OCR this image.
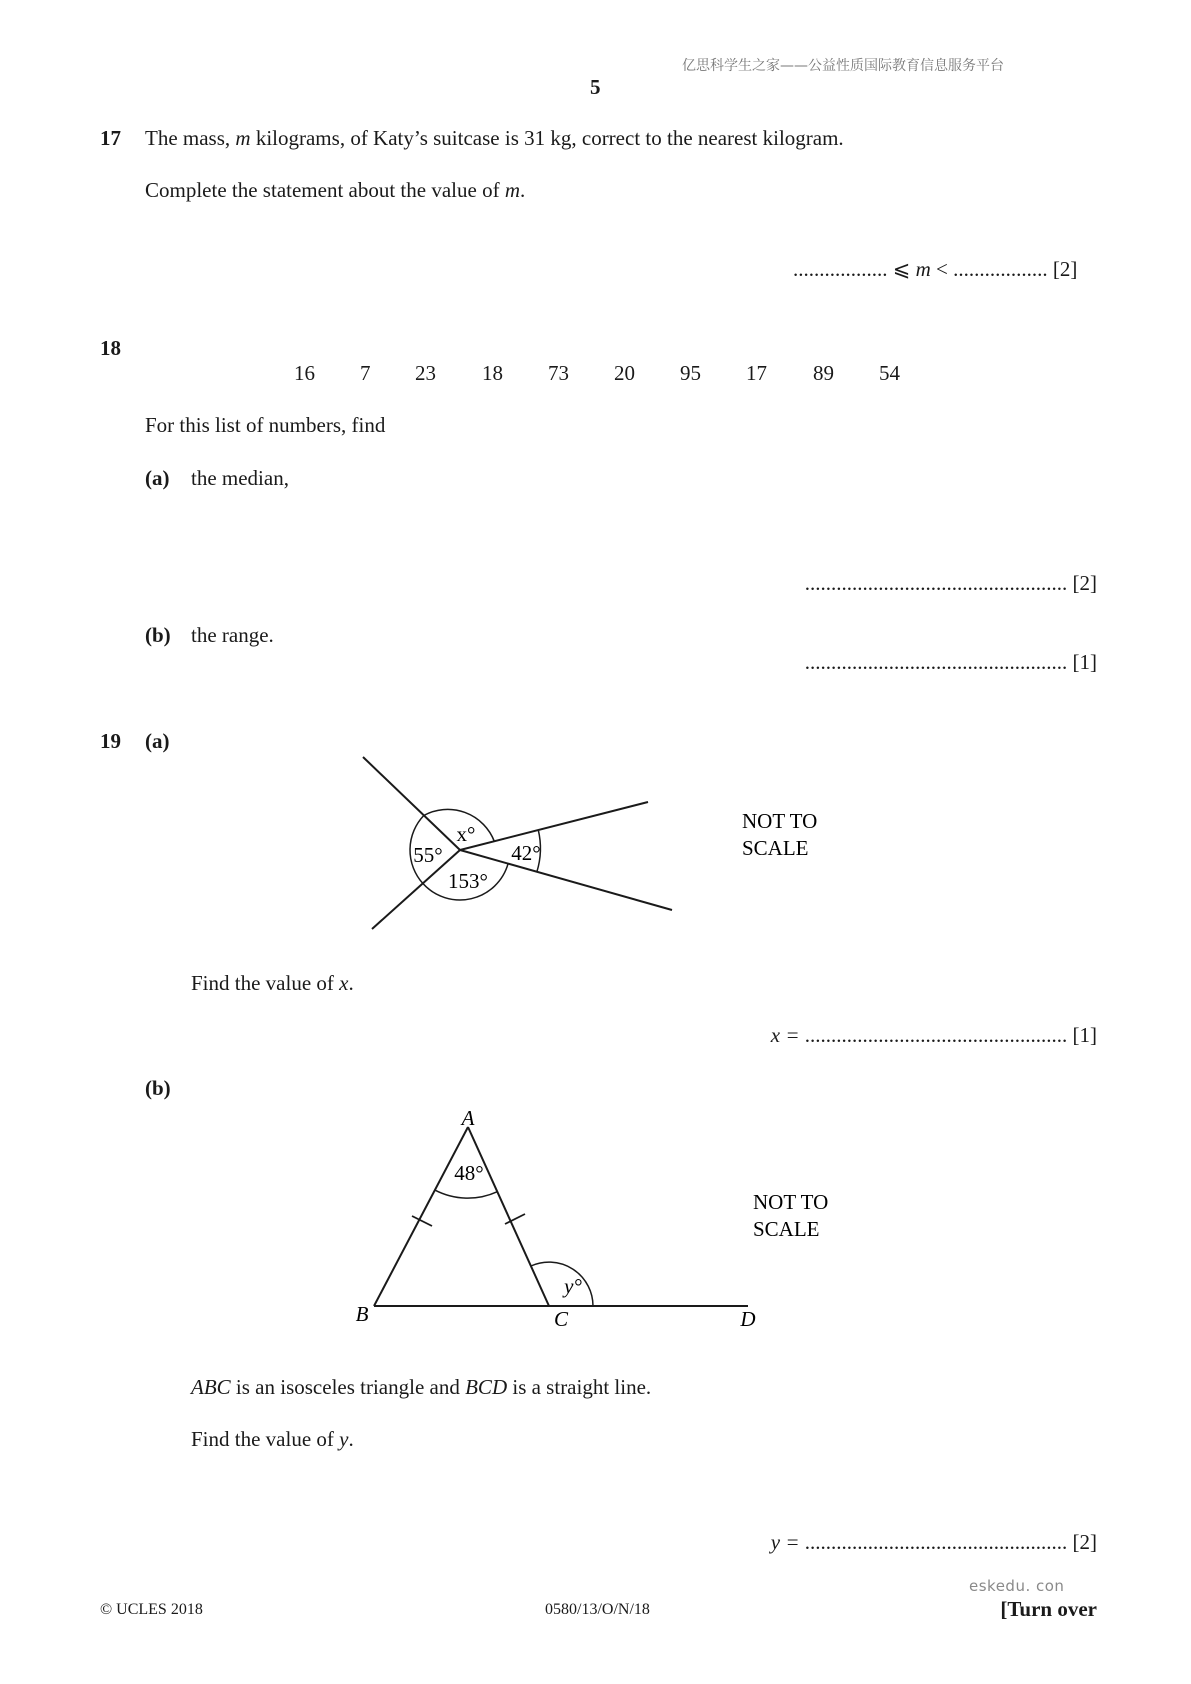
亿思科学生之家——公益性质国际教育信息服务平台
5
17 The mass, m kilograms, of Katy’s suitcase is 31 kg, correct to the nearest kilogram.
Complete the statement about the value of m.
.................. ⩽ m < .................. [2]
18
16 7 23 18 73 20 95 17 89 54
For this list of numbers, find
(a) the median,
.................................................. [2]
(b) the range.
.................................................. [1]
19 (a)
x°
55°	42°
153°
NOT TO
SCALE
A
B	C	D
48°
y°
NOT TO
SCALE
Find the value of x.
x = .................................................. [1]
(b)
ABC is an isosceles triangle and BCD is a straight line.
Find the value of y.
y = .................................................. [2]
eskedu. con
© UCLES 2018	0580/13/O/N/18	[Turn over
